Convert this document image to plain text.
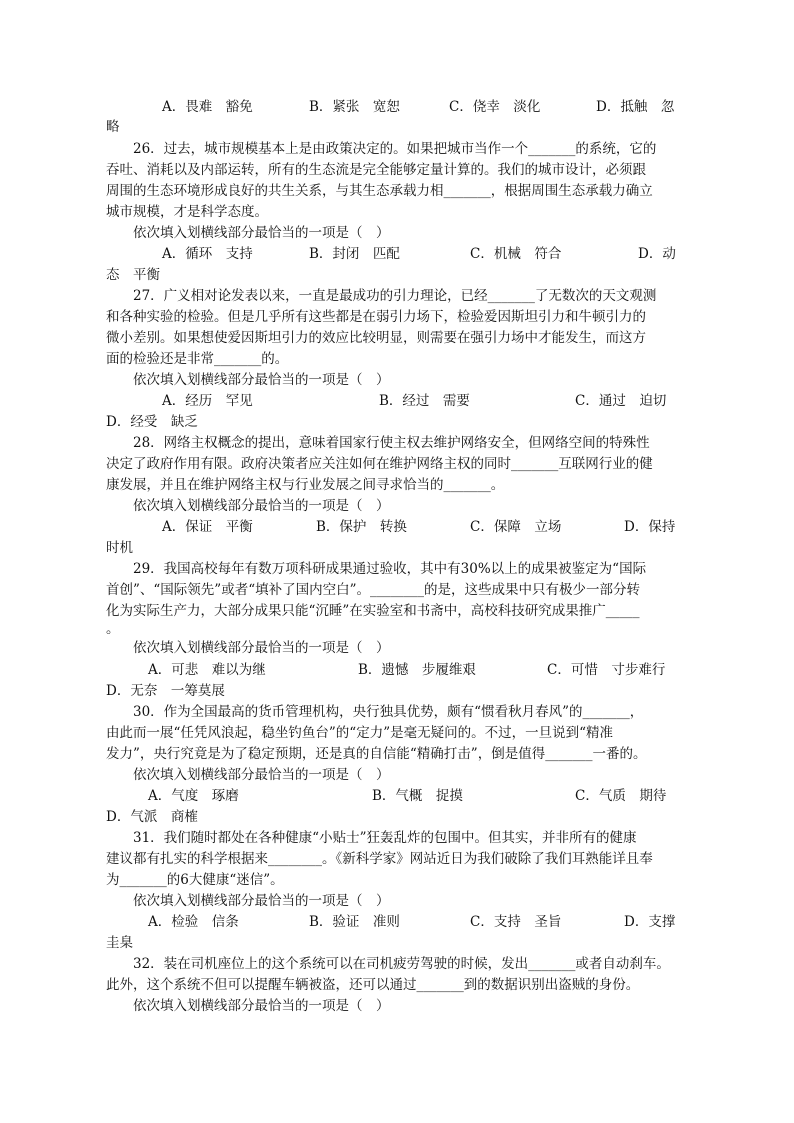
A．畏难　豁免	B．紧张　宽恕	C．侥幸　淡化	D．抵触　忽
略
26．过去，城市规模基本上是由政策决定的。如果把城市当作一个_______的系统，它的
吞吐、消耗以及内部运转，所有的生态流是完全能够定量计算的。我们的城市设计，必须跟
周围的生态环境形成良好的共生关系，与其生态承载力相_______，根据周围生态承载力确立
城市规模，才是科学态度。
依次填入划横线部分最恰当的一项是（　）
A．循环　支持	B．封闭　匹配	C．机械　符合	D．动
态　平衡
27．广义相对论发表以来，一直是最成功的引力理论，已经_______了无数次的天文观测
和各种实验的检验。但是几乎所有这些都是在弱引力场下，检验爱因斯坦引力和牛顿引力的
微小差别。如果想使爱因斯坦引力的效应比较明显，则需要在强引力场中才能发生，而这方
面的检验还是非常_______的。
依次填入划横线部分最恰当的一项是（　）
A．经历　罕见	B．经过　需要	C．通过　迫切
D．经受　缺乏
28．网络主权概念的提出，意味着国家行使主权去维护网络安全，但网络空间的特殊性
决定了政府作用有限。政府决策者应关注如何在维护网络主权的同时_______互联网行业的健
康发展，并且在维护网络主权与行业发展之间寻求恰当的_______。
依次填入划横线部分最恰当的一项是（　）
A．保证　平衡	B．保护　转换	C．保障　立场	D．保持
时机
29．我国高校每年有数万项科研成果通过验收，其中有30%以上的成果被鉴定为“国际
首创”、“国际领先”或者“填补了国内空白”。________的是，这些成果中只有极少一部分转
化为实际生产力，大部分成果只能“沉睡”在实验室和书斋中，高校科技研究成果推广_____
。
依次填入划横线部分最恰当的一项是（　）
A．可悲　难以为继	B．遗憾　步履维艰	C．可惜　寸步难行
D．无奈　一筹莫展
30．作为全国最高的货币管理机构，央行独具优势，颇有“惯看秋月春风”的_______，
由此而一展“任凭风浪起，稳坐钓鱼台”的“定力”是毫无疑问的。不过，一旦说到“精准
发力”，央行究竟是为了稳定预期，还是真的自信能“精确打击”，倒是值得_______一番的。
依次填入划横线部分最恰当的一项是（　）
A．气度　琢磨	B．气概　捉摸	C．气质　期待
D．气派　商榷
31．我们随时都处在各种健康“小贴士”狂轰乱炸的包围中。但其实，并非所有的健康
建议都有扎实的科学根据来________。《新科学家》网站近日为我们破除了我们耳熟能详且奉
为_______的6大健康“迷信”。
依次填入划横线部分最恰当的一项是（　）
A．检验　信条	B．验证　准则	C．支持　圣旨	D．支撑
圭臬
32．装在司机座位上的这个系统可以在司机疲劳驾驶的时候，发出_______或者自动刹车。
此外，这个系统不但可以提醒车辆被盗，还可以通过_______到的数据识别出盗贼的身份。
依次填入划横线部分最恰当的一项是（　）
